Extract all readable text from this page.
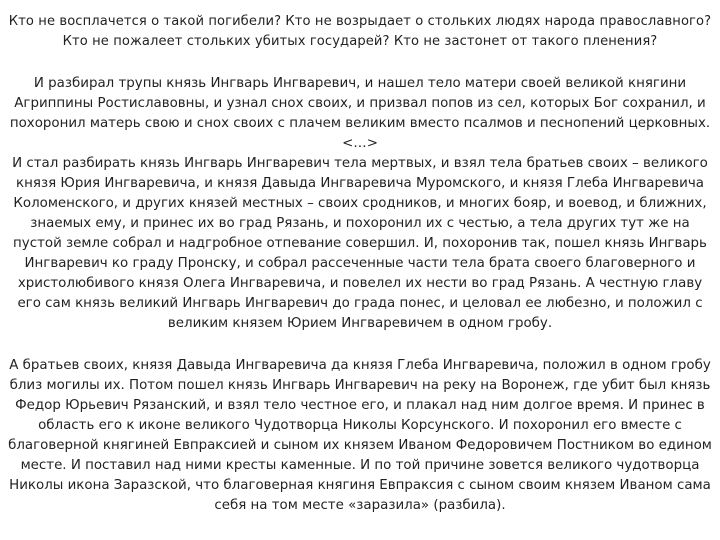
Кто не восплачется о такой погибели? Кто не возрыдает о стольких людях народа православного? Кто не пожалеет стольких убитых государей? Кто не застонет от такого пленения?

И разбирал трупы князь Ингварь Ингваревич, и нашел тело матери своей великой княгини Агриппины Ростиславовны, и узнал снох своих, и призвал попов из сел, которых Бог сохранил, и похоронил матерь свою и снох своих с плачем великим вместо псалмов и песнопений церковных. <…>

И стал разбирать князь Ингварь Ингваревич тела мертвых, и взял тела братьев своих – великого князя Юрия Ингваревича, и князя Давыда Ингваревича Муромского, и князя Глеба Ингваревича Коломенского, и других князей местных – своих сродников, и многих бояр, и воевод, и ближних, знаемых ему, и принес их во град Рязань, и похоронил их с честью, а тела других тут же на пустой земле собрал и надгробное отпевание совершил. И, похоронив так, пошел князь Ингварь Ингваревич ко граду Пронску, и собрал рассеченные части тела брата своего благоверного и христолюбивого князя Олега Ингваревича, и повелел их нести во град Рязань. А честную главу его сам князь великий Ингварь Ингваревич до града понес, и целовал ее любезно, и положил с великим князем Юрием Ингваревичем в одном гробу.

А братьев своих, князя Давыда Ингваревича да князя Глеба Ингваревича, положил в одном гробу близ могилы их. Потом пошел князь Ингварь Ингваревич на реку на Воронеж, где убит был князь Федор Юрьевич Рязанский, и взял тело честное его, и плакал над ним долгое время. И принес в область его к иконе великого Чудотворца Николы Корсунского. И похоронил его вместе с благоверной княгиней Евпраксией и сыном их князем Иваном Федоровичем Постником во едином месте. И поставил над ними кресты каменные. И по той причине зовется великого чудотворца Николы икона Заразской, что благоверная княгиня Евпраксия с сыном своим князем Иваном сама себя на том месте «заразила» (разбила).
